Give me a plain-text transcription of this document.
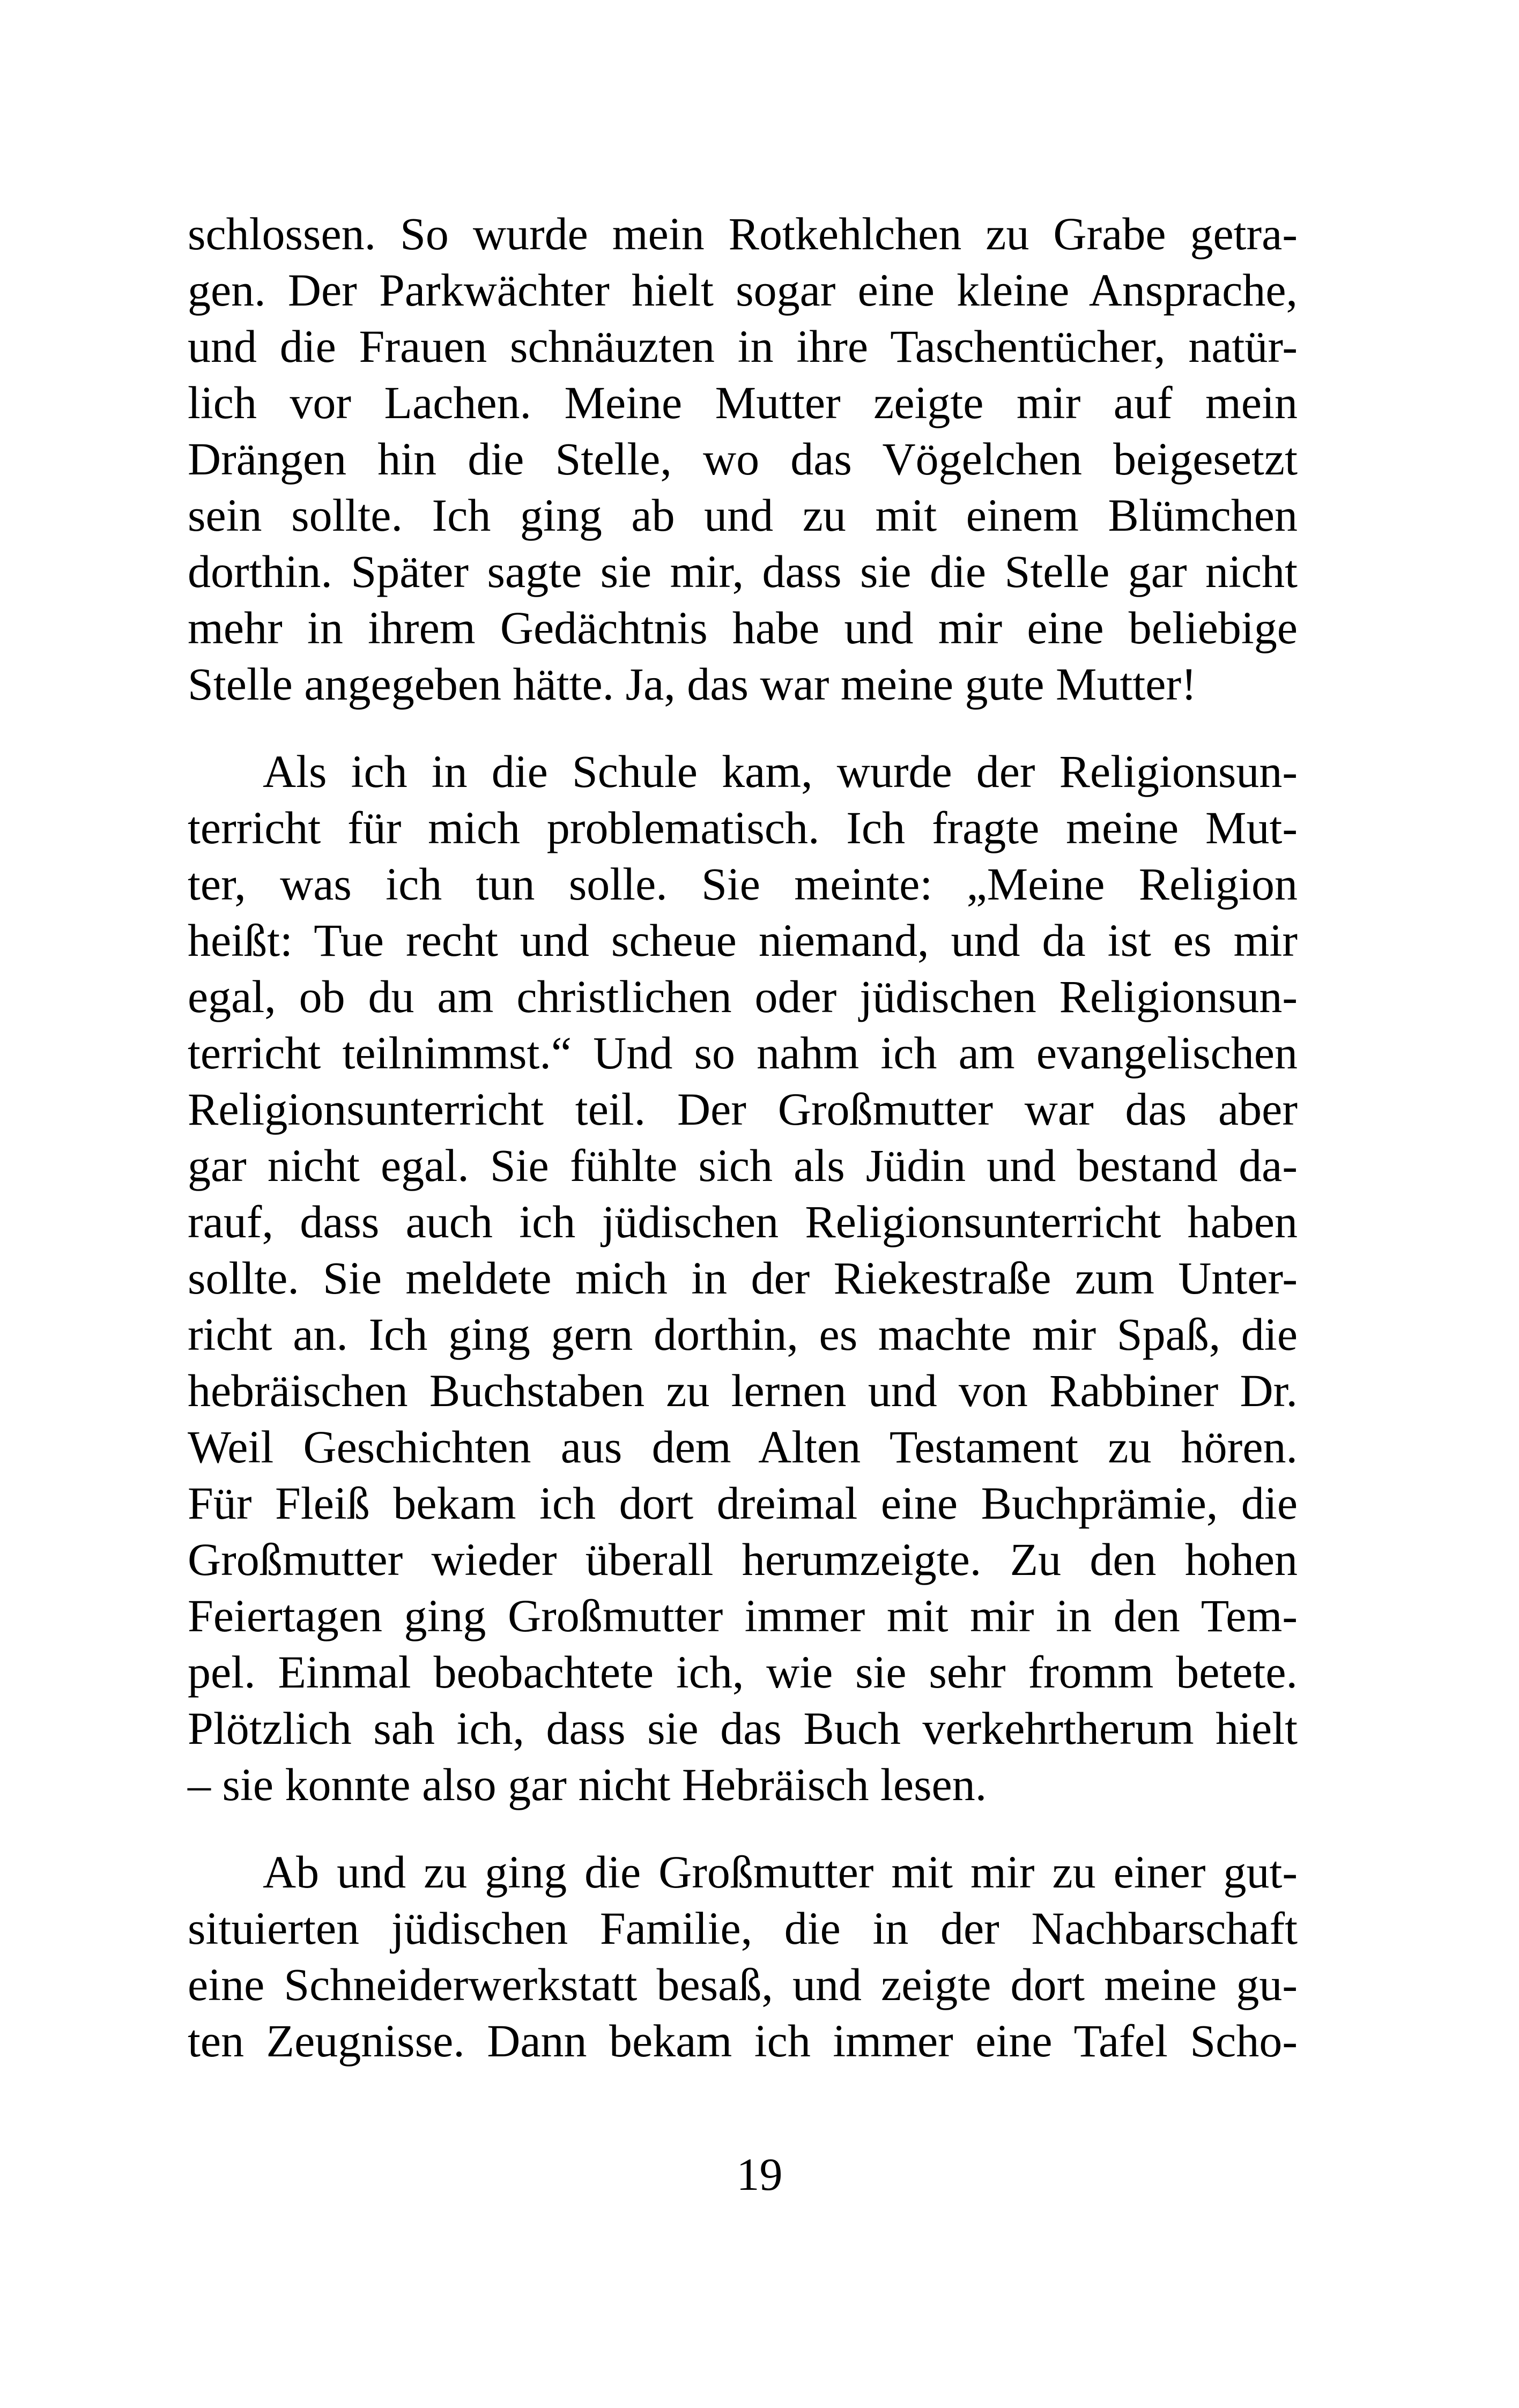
schlossen. So wurde mein Rotkehlchen zu Grabe getra-
gen. Der Parkwächter hielt sogar eine kleine Ansprache,
und die Frauen schnäuzten in ihre Taschentücher, natür-
lich vor Lachen. Meine Mutter zeigte mir auf mein
Drängen hin die Stelle, wo das Vögelchen beigesetzt
sein sollte. Ich ging ab und zu mit einem Blümchen
dorthin. Später sagte sie mir, dass sie die Stelle gar nicht
mehr in ihrem Gedächtnis habe und mir eine beliebige
Stelle angegeben hätte. Ja, das war meine gute Mutter!
Als ich in die Schule kam, wurde der Religionsun-
terricht für mich problematisch. Ich fragte meine Mut-
ter, was ich tun solle. Sie meinte: „Meine Religion
heißt: Tue recht und scheue niemand, und da ist es mir
egal, ob du am christlichen oder jüdischen Religionsun-
terricht teilnimmst.“ Und so nahm ich am evangelischen
Religionsunterricht teil. Der Großmutter war das aber
gar nicht egal. Sie fühlte sich als Jüdin und bestand da-
rauf, dass auch ich jüdischen Religionsunterricht haben
sollte. Sie meldete mich in der Riekestraße zum Unter-
richt an. Ich ging gern dorthin, es machte mir Spaß, die
hebräischen Buchstaben zu lernen und von Rabbiner Dr.
Weil Geschichten aus dem Alten Testament zu hören.
Für Fleiß bekam ich dort dreimal eine Buchprämie, die
Großmutter wieder überall herumzeigte. Zu den hohen
Feiertagen ging Großmutter immer mit mir in den Tem-
pel. Einmal beobachtete ich, wie sie sehr fromm betete.
Plötzlich sah ich, dass sie das Buch verkehrtherum hielt
– sie konnte also gar nicht Hebräisch lesen.
Ab und zu ging die Großmutter mit mir zu einer gut-
situierten jüdischen Familie, die in der Nachbarschaft
eine Schneiderwerkstatt besaß, und zeigte dort meine gu-
ten Zeugnisse. Dann bekam ich immer eine Tafel Scho-
19
